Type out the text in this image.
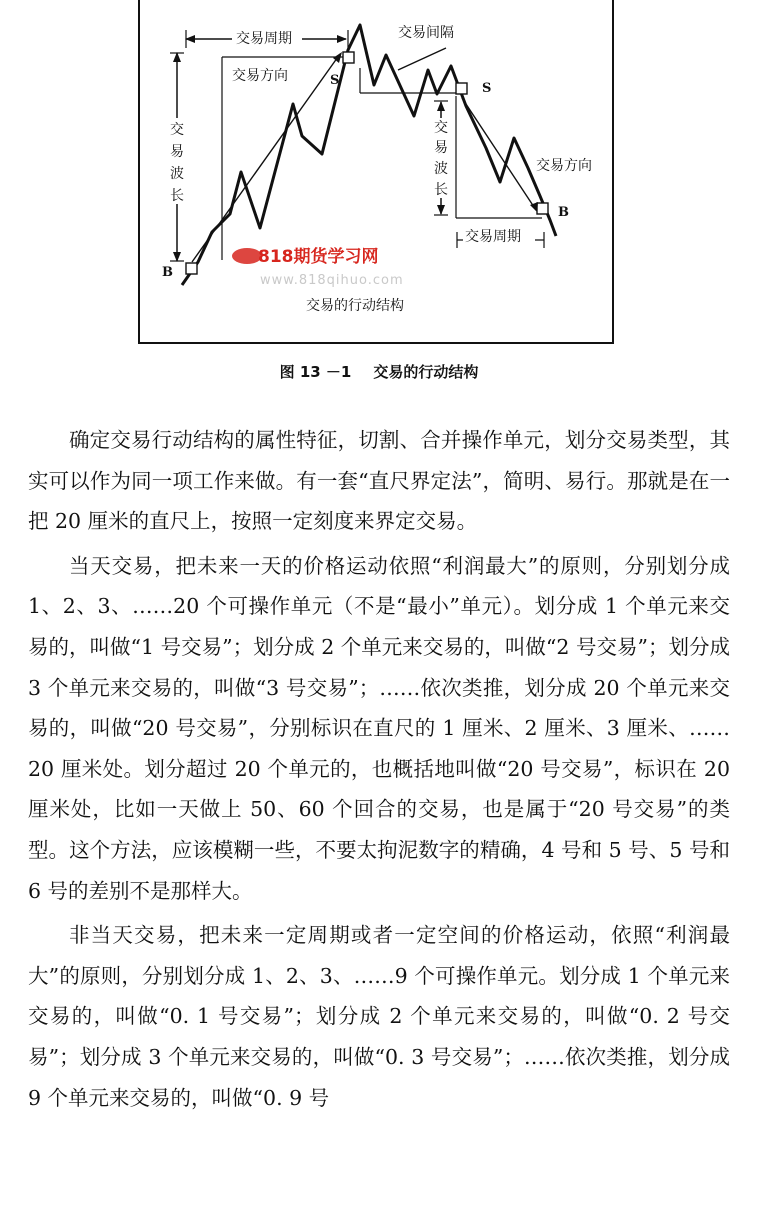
交易周期
交
易
波
长
交易方向
交易间隔
S
S
B
B
交
易
波
长
交易方向
交易周期
818期货学习网
www.818qihuo.com
交易的行动结构
图 13 －1 交易的行动结构

确定交易行动结构的属性特征，切割、合并操作单元，划分交易类型，其实可以作为同一项工作来做。有一套“直尺界定法”，简明、易行。那就是在一把 20 厘米的直尺上，按照一定刻度来界定交易。

当天交易，把未来一天的价格运动依照“利润最大”的原则，分别划分成 1、2、3、……20 个可操作单元（不是“最小”单元）。划分成 1 个单元来交易的，叫做“1 号交易”；划分成 2 个单元来交易的，叫做“2 号交易”；划分成 3 个单元来交易的，叫做“3 号交易”；……依次类推，划分成 20 个单元来交易的，叫做“20 号交易”，分别标识在直尺的 1 厘米、2 厘米、3 厘米、……20 厘米处。划分超过 20 个单元的，也概括地叫做“20 号交易”，标识在 20 厘米处，比如一天做上 50、60 个回合的交易，也是属于“20 号交易”的类型。这个方法，应该模糊一些，不要太拘泥数字的精确，4 号和 5 号、5 号和 6 号的差别不是那样大。

非当天交易，把未来一定周期或者一定空间的价格运动，依照“利润最大”的原则，分别划分成 1、2、3、……9 个可操作单元。划分成 1 个单元来交易的，叫做“0. 1 号交易”；划分成 2 个单元来交易的，叫做“0. 2 号交易”；划分成 3 个单元来交易的，叫做“0. 3 号交易”；……依次类推，划分成 9 个单元来交易的，叫做“0. 9 号
